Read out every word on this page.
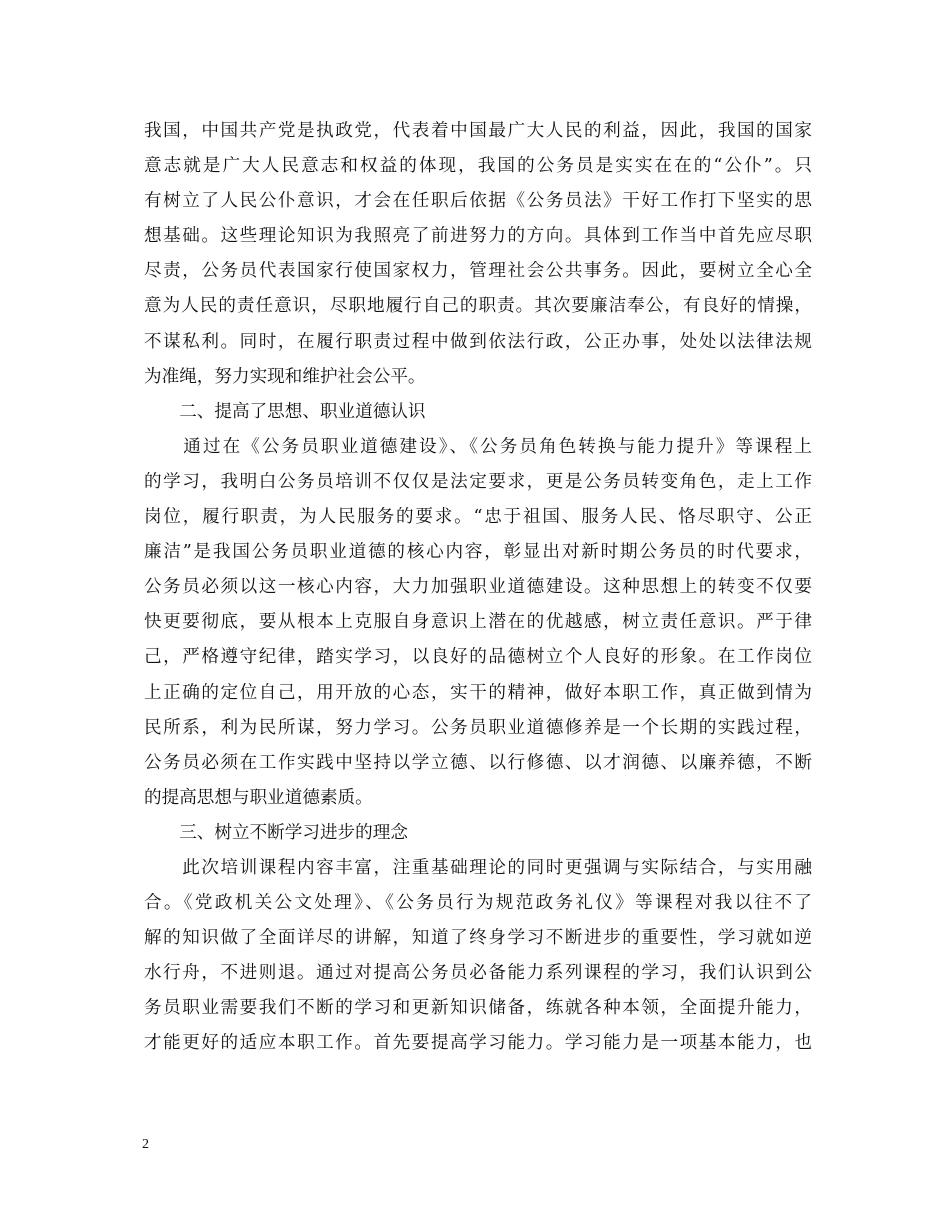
我国，中国共产党是执政党，代表着中国最广大人民的利益，因此，我国的国家
意志就是广大人民意志和权益的体现，我国的公务员是实实在在的“公仆”。只
有树立了人民公仆意识，才会在任职后依据《公务员法》干好工作打下坚实的思
想基础。这些理论知识为我照亮了前进努力的方向。具体到工作当中首先应尽职
尽责，公务员代表国家行使国家权力，管理社会公共事务。因此，要树立全心全
意为人民的责任意识，尽职地履行自己的职责。其次要廉洁奉公，有良好的情操，
不谋私利。同时，在履行职责过程中做到依法行政，公正办事，处处以法律法规
为准绳，努力实现和维护社会公平。
　　二、提高了思想、职业道德认识
　　通过在《公务员职业道德建设》、《公务员角色转换与能力提升》等课程上
的学习，我明白公务员培训不仅仅是法定要求，更是公务员转变角色，走上工作
岗位，履行职责，为人民服务的要求。“忠于祖国、服务人民、恪尽职守、公正
廉洁”是我国公务员职业道德的核心内容，彰显出对新时期公务员的时代要求，
公务员必须以这一核心内容，大力加强职业道德建设。这种思想上的转变不仅要
快更要彻底，要从根本上克服自身意识上潜在的优越感，树立责任意识。严于律
己，严格遵守纪律，踏实学习，以良好的品德树立个人良好的形象。在工作岗位
上正确的定位自己，用开放的心态，实干的精神，做好本职工作，真正做到情为
民所系，利为民所谋，努力学习。公务员职业道德修养是一个长期的实践过程，
公务员必须在工作实践中坚持以学立德、以行修德、以才润德、以廉养德，不断
的提高思想与职业道德素质。
　　三、树立不断学习进步的理念
　　此次培训课程内容丰富，注重基础理论的同时更强调与实际结合，与实用融
合。《党政机关公文处理》、《公务员行为规范政务礼仪》等课程对我以往不了
解的知识做了全面详尽的讲解，知道了终身学习不断进步的重要性，学习就如逆
水行舟，不进则退。通过对提高公务员必备能力系列课程的学习，我们认识到公
务员职业需要我们不断的学习和更新知识储备，练就各种本领，全面提升能力，
才能更好的适应本职工作。首先要提高学习能力。学习能力是一项基本能力，也
2
